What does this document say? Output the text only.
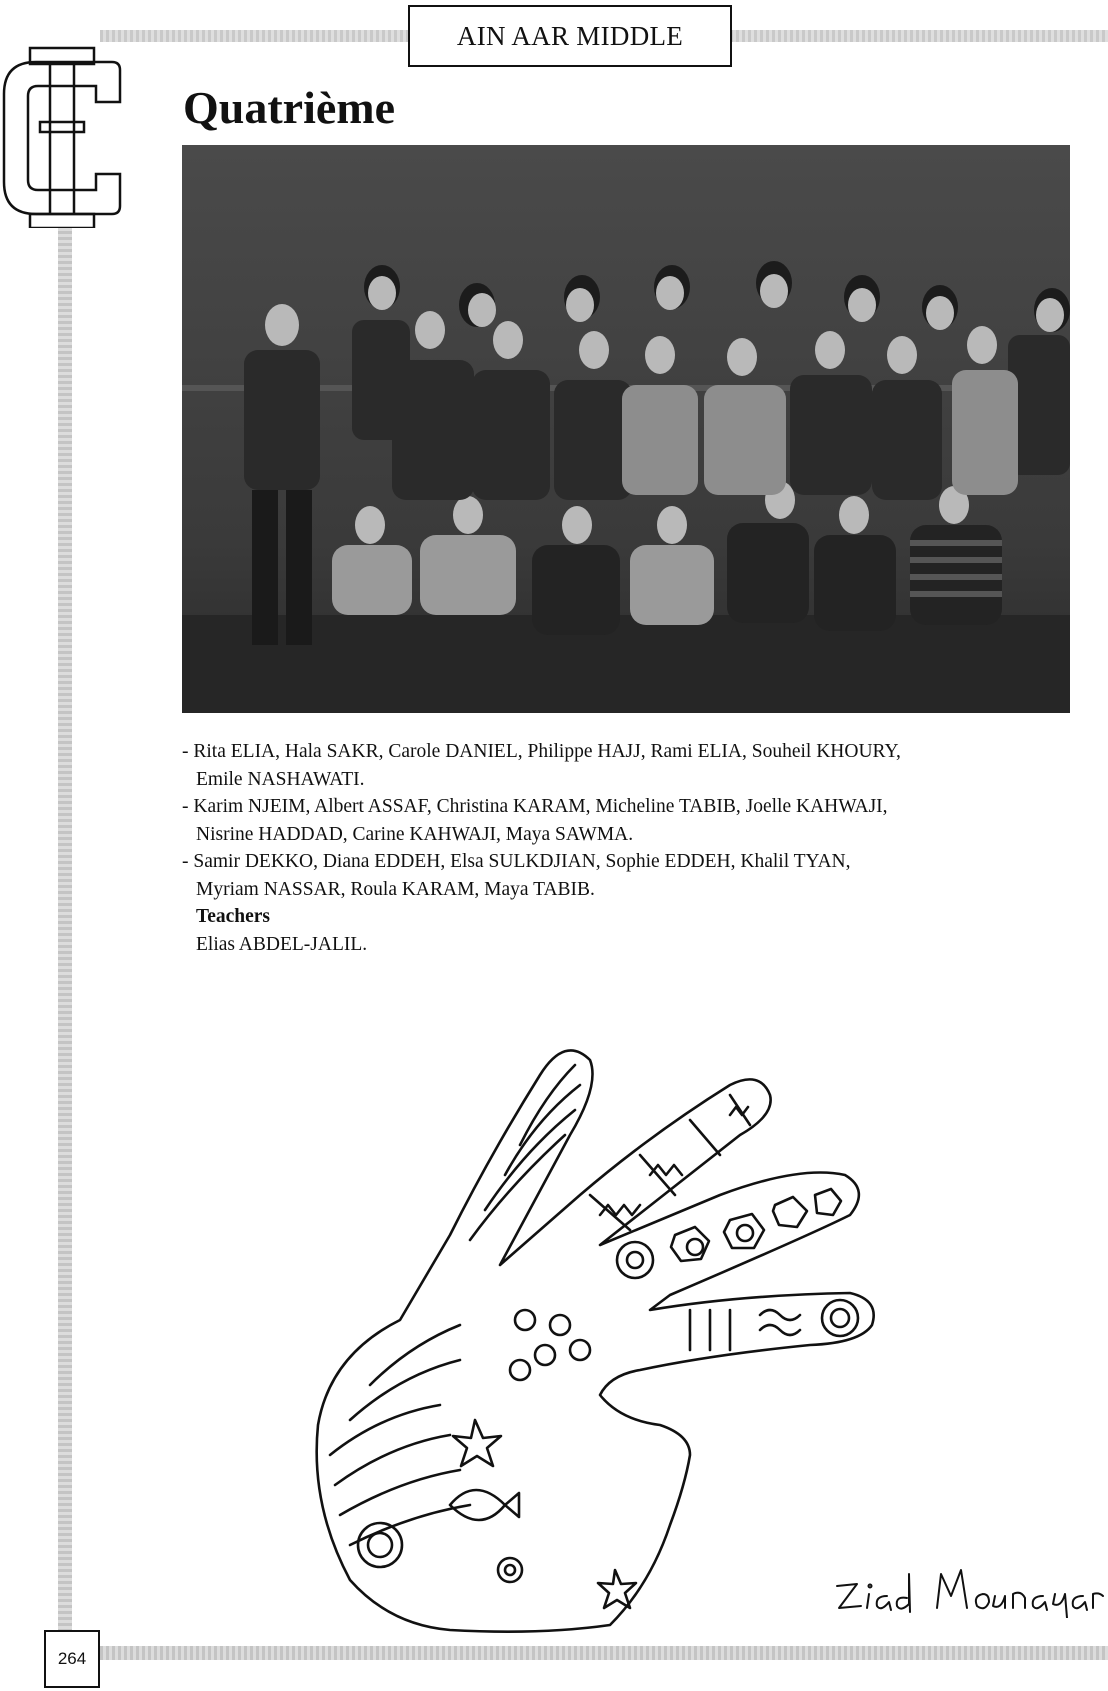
AIN AAR MIDDLE
Quatrième
- Rita ELIA, Hala SAKR, Carole DANIEL, Philippe HAJJ, Rami ELIA, Souheil KHOURY,
Emile NASHAWATI.
- Karim NJEIM, Albert ASSAF, Christina KARAM, Micheline TABIB, Joelle KAHWAJI,
Nisrine HADDAD, Carine KAHWAJI, Maya SAWMA.
- Samir DEKKO, Diana EDDEH, Elsa SULKDJIAN, Sophie EDDEH, Khalil TYAN,
Myriam NASSAR, Roula KARAM, Maya TABIB.
Teachers
Elias ABDEL-JALIL.
264
